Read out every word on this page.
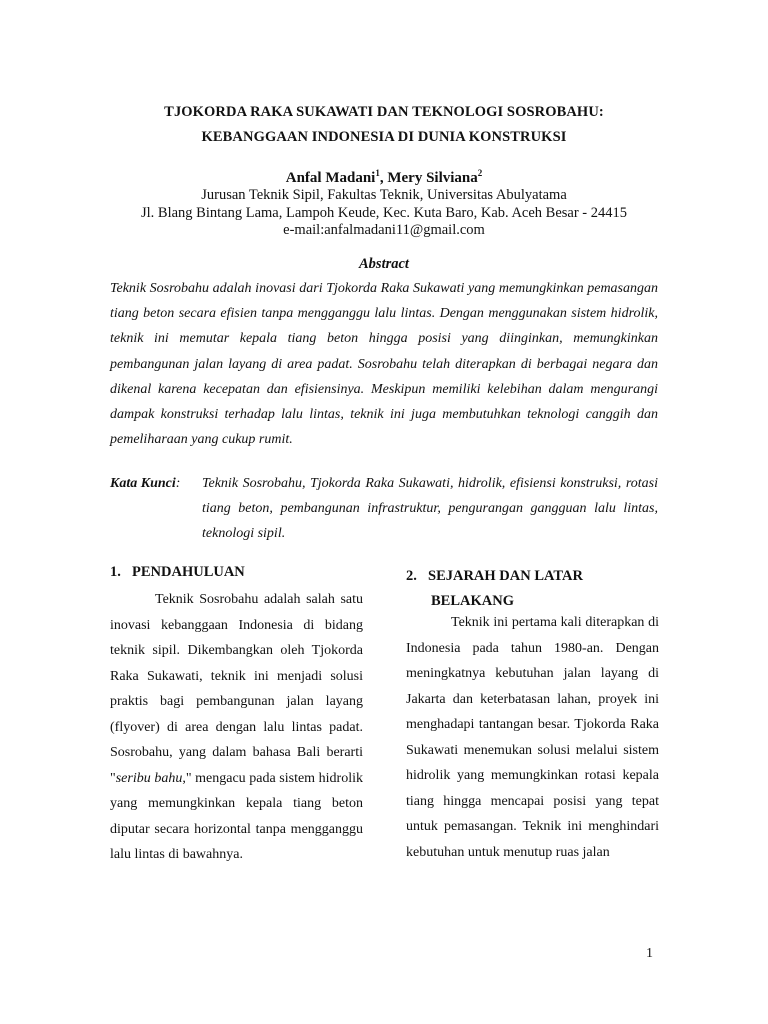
TJOKORDA RAKA SUKAWATI DAN TEKNOLOGI SOSROBAHU:
KEBANGGAAN INDONESIA DI DUNIA KONSTRUKSI
Anfal Madani$^1$, Mery Silviana$^2$

Jurusan Teknik Sipil, Fakultas Teknik, Universitas Abulyatama

Jl. Blang Bintang Lama, Lampoh Keude, Kec. Kuta Baro, Kab. Aceh Besar - 24415

e-mail:anfalmadani11@gmail.com

Abstract

Teknik Sosrobahu adalah inovasi dari Tjokorda Raka Sukawati yang memungkinkan pemasangan tiang beton secara efisien tanpa mengganggu lalu lintas. Dengan menggunakan sistem hidrolik, teknik ini memutar kepala tiang beton hingga posisi yang diinginkan, memungkinkan pembangunan jalan layang di area padat. Sosrobahu telah diterapkan di berbagai negara dan dikenal karena kecepatan dan efisiensinya. Meskipun memiliki kelebihan dalam mengurangi dampak konstruksi terhadap lalu lintas, teknik ini juga membutuhkan teknologi canggih dan pemeliharaan yang cukup rumit.

Kata Kunci: Teknik Sosrobahu, Tjokorda Raka Sukawati, hidrolik, efisiensi konstruksi, rotasi tiang beton, pembangunan infrastruktur, pengurangan gangguan lalu lintas, teknologi sipil.

1. PENDAHULUAN

Teknik Sosrobahu adalah salah satu inovasi kebanggaan Indonesia di bidang teknik sipil. Dikembangkan oleh Tjokorda Raka Sukawati, teknik ini menjadi solusi praktis bagi pembangunan jalan layang (flyover) di area dengan lalu lintas padat. Sosrobahu, yang dalam bahasa Bali berarti "seribu bahu," mengacu pada sistem hidrolik yang memungkinkan kepala tiang beton diputar secara horizontal tanpa mengganggu lalu lintas di bawahnya.

2. SEJARAH DAN LATAR
BELAKANG

Teknik ini pertama kali diterapkan di Indonesia pada tahun 1980-an. Dengan meningkatnya kebutuhan jalan layang di Jakarta dan keterbatasan lahan, proyek ini menghadapi tantangan besar. Tjokorda Raka Sukawati menemukan solusi melalui sistem hidrolik yang memungkinkan rotasi kepala tiang hingga mencapai posisi yang tepat untuk pemasangan. Teknik ini menghindari kebutuhan untuk menutup ruas jalan

1
